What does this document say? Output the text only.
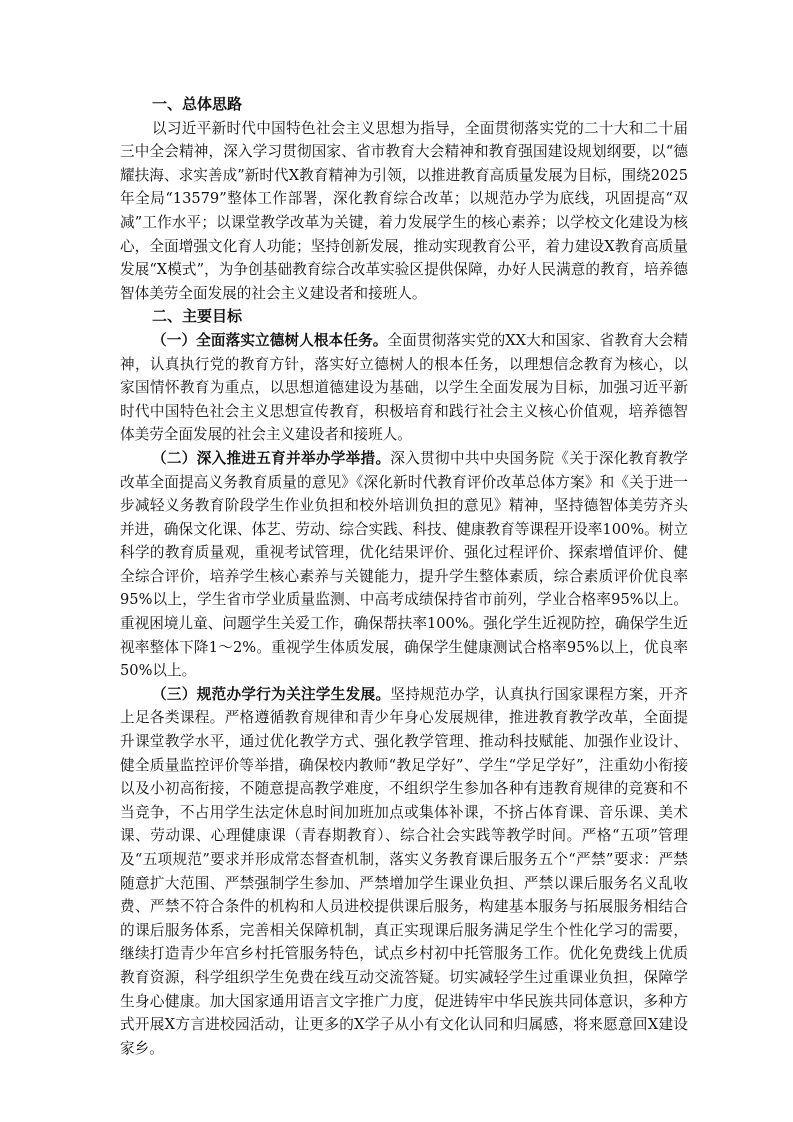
一、总体思路

以习近平新时代中国特色社会主义思想为指导，全面贯彻落实党的二十大和二十届三中全会精神，深入学习贯彻国家、省市教育大会精神和教育强国建设规划纲要，以“德耀扶海、求实善成”新时代X教育精神为引领，以推进教育高质量发展为目标，围绕2025年全局“13579”整体工作部署，深化教育综合改革；以规范办学为底线，巩固提高“双减”工作水平；以课堂教学改革为关键，着力发展学生的核心素养；以学校文化建设为核心，全面增强文化育人功能；坚持创新发展，推动实现教育公平，着力建设X教育高质量发展“X模式”，为争创基础教育综合改革实验区提供保障，办好人民满意的教育，培养德智体美劳全面发展的社会主义建设者和接班人。

二、主要目标

（一）全面落实立德树人根本任务。全面贯彻落实党的XX大和国家、省教育大会精神，认真执行党的教育方针，落实好立德树人的根本任务，以理想信念教育为核心，以家国情怀教育为重点，以思想道德建设为基础，以学生全面发展为目标，加强习近平新时代中国特色社会主义思想宣传教育，积极培育和践行社会主义核心价值观，培养德智体美劳全面发展的社会主义建设者和接班人。

（二）深入推进五育并举办学举措。深入贯彻中共中央国务院《关于深化教育教学改革全面提高义务教育质量的意见》《深化新时代教育评价改革总体方案》和《关于进一步减轻义务教育阶段学生作业负担和校外培训负担的意见》精神，坚持德智体美劳齐头并进，确保文化课、体艺、劳动、综合实践、科技、健康教育等课程开设率100%。树立科学的教育质量观，重视考试管理，优化结果评价、强化过程评价、探索增值评价、健全综合评价，培养学生核心素养与关键能力，提升学生整体素质，综合素质评价优良率95%以上，学生省市学业质量监测、中高考成绩保持省市前列，学业合格率95%以上。重视困境儿童、问题学生关爱工作，确保帮扶率100%。强化学生近视防控，确保学生近视率整体下降1～2%。重视学生体质发展，确保学生健康测试合格率95%以上，优良率50%以上。

（三）规范办学行为关注学生发展。坚持规范办学，认真执行国家课程方案，开齐上足各类课程。严格遵循教育规律和青少年身心发展规律，推进教育教学改革，全面提升课堂教学水平，通过优化教学方式、强化教学管理、推动科技赋能、加强作业设计、健全质量监控评价等举措，确保校内教师“教足学好”、学生“学足学好”，注重幼小衔接以及小初高衔接，不随意提高教学难度，不组织学生参加各种有违教育规律的竞赛和不当竞争，不占用学生法定休息时间加班加点或集体补课，不挤占体育课、音乐课、美术课、劳动课、心理健康课（青春期教育）、综合社会实践等教学时间。严格“五项”管理及“五项规范”要求并形成常态督查机制，落实义务教育课后服务五个“严禁”要求：严禁随意扩大范围、严禁强制学生参加、严禁增加学生课业负担、严禁以课后服务名义乱收费、严禁不符合条件的机构和人员进校提供课后服务，构建基本服务与拓展服务相结合的课后服务体系，完善相关保障机制，真正实现课后服务满足学生个性化学习的需要，继续打造青少年宫乡村托管服务特色，试点乡村初中托管服务工作。优化免费线上优质教育资源，科学组织学生免费在线互动交流答疑。切实减轻学生过重课业负担，保障学生身心健康。加大国家通用语言文字推广力度，促进铸牢中华民族共同体意识，多种方式开展X方言进校园活动，让更多的X学子从小有文化认同和归属感，将来愿意回X建设家乡。
